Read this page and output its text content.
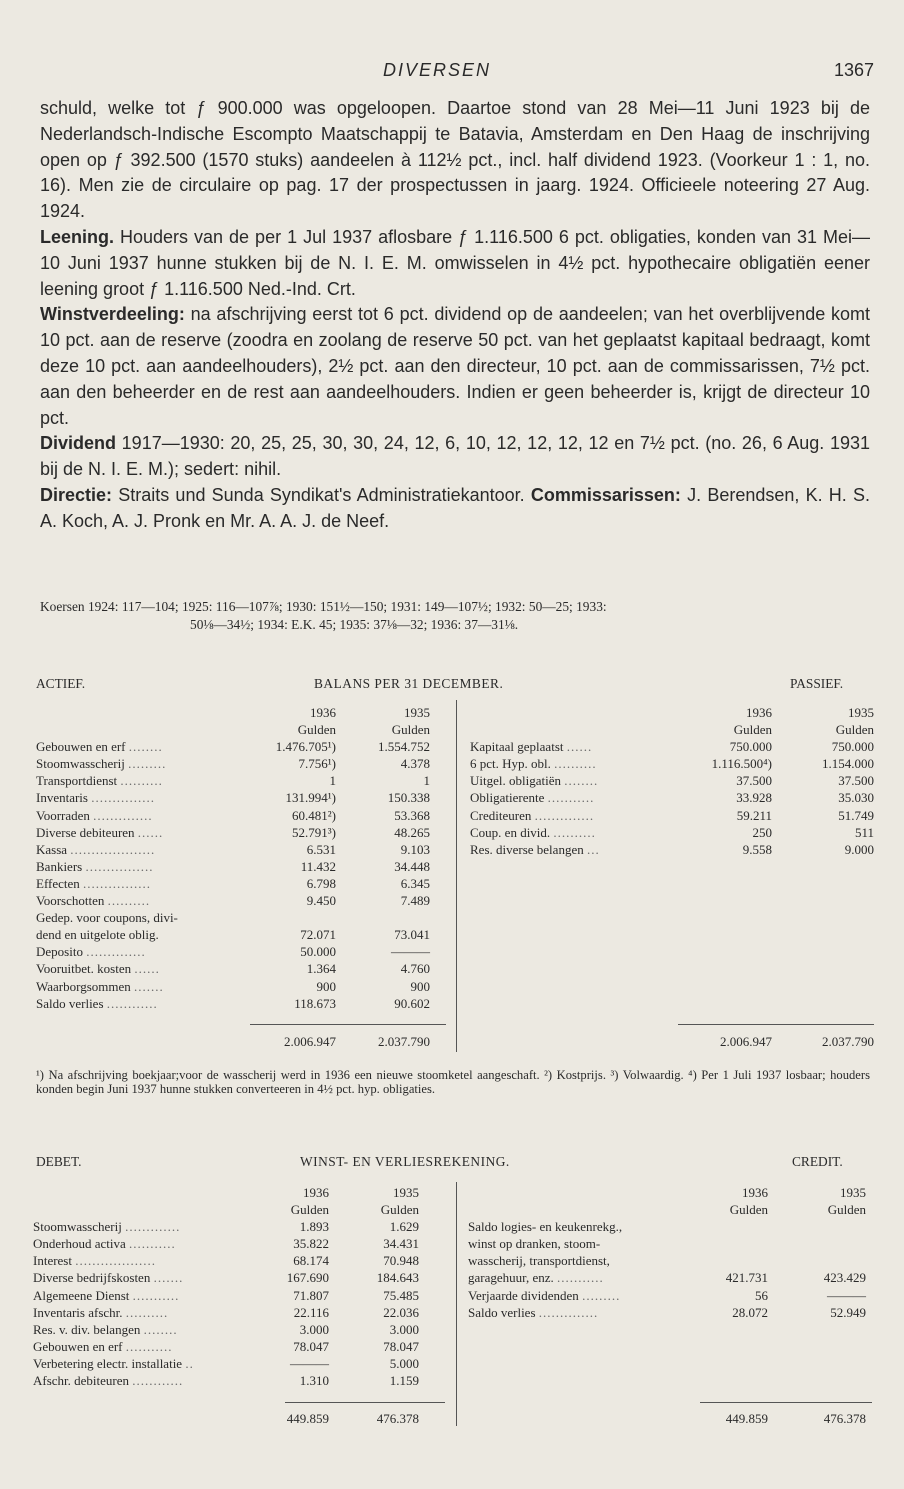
DIVERSEN	1367

schuld, welke tot ƒ 900.000 was opgeloopen. Daartoe stond van 28 Mei—11 Juni 1923 bij de Nederlandsch-Indische Escompto Maatschappij te Batavia, Amsterdam en Den Haag de inschrijving open op ƒ 392.500 (1570 stuks) aandeelen à 112½ pct., incl. half dividend 1923. (Voorkeur 1 : 1, no. 16). Men zie de circulaire op pag. 17 der prospectussen in jaarg. 1924. Officieele noteering 27 Aug. 1924.

Leening. Houders van de per 1 Jul 1937 aflosbare ƒ 1.116.500 6 pct. obligaties, konden van 31 Mei—10 Juni 1937 hunne stukken bij de N. I. E. M. omwisselen in 4½ pct. hypothecaire obligatiën eener leening groot ƒ 1.116.500 Ned.-Ind. Crt.

Winstverdeeling: na afschrijving eerst tot 6 pct. dividend op de aandeelen; van het overblijvende komt 10 pct. aan de reserve (zoodra en zoolang de reserve 50 pct. van het geplaatst kapitaal bedraagt, komt deze 10 pct. aan aandeelhouders), 2½ pct. aan den directeur, 10 pct. aan de commissarissen, 7½ pct. aan den beheerder en de rest aan aandeelhouders. Indien er geen beheerder is, krijgt de directeur 10 pct.

Dividend 1917—1930: 20, 25, 25, 30, 30, 24, 12, 6, 10, 12, 12, 12, 12 en 7½ pct. (no. 26, 6 Aug. 1931 bij de N. I. E. M.); sedert: nihil.

Directie: Straits und Sunda Syndikat's Administratiekantoor. Commissarissen: J. Berendsen, K. H. S. A. Koch, A. J. Pronk en Mr. A. A. J. de Neef.

Koersen 1924: 117—104; 1925: 116—107⅞; 1930: 151½—150; 1931: 149—107½; 1932: 50—25; 1933:
50⅛—34½; 1934: E.K. 45; 1935: 37⅛—32; 1936: 37—31⅛.
ACTIEF.	BALANS PER 31 DECEMBER.	PASSIEF.
1936	1935
Gulden	Gulden
Gebouwen en erf ........	1.476.705¹)	1.554.752
Stoomwasscherij .........	7.756¹)	4.378
Transportdienst ..........	1	1
Inventaris ...............	131.994¹)	150.338
Voorraden ..............	60.481²)	53.368
Diverse debiteuren ......	52.791³)	48.265
Kassa ....................	6.531	9.103
Bankiers ................	11.432	34.448
Effecten ................	6.798	6.345
Voorschotten ..........	9.450	7.489
Gedep. voor coupons, divi-
dend en uitgelote oblig.	72.071	73.041
Deposito ..............	50.000	———
Vooruitbet. kosten ......	1.364	4.760
Waarborgsommen .......	900	900
Saldo verlies ............	118.673	90.602
1936	1935
Gulden	Gulden
Kapitaal geplaatst ......	750.000	750.000
6 pct. Hyp. obl. ..........	1.116.500⁴)	1.154.000
Uitgel. obligatiën ........	37.500	37.500
Obligatierente ...........	33.928	35.030
Crediteuren ..............	59.211	51.749
Coup. en divid. ..........	250	511
Res. diverse belangen ...	9.558	9.000
2.006.947	2.037.790	2.006.947	2.037.790
¹) Na afschrijving boekjaar;voor de wasscherij werd in 1936 een nieuwe stoomketel aangeschaft. ²) Kostprijs. ³) Volwaardig. ⁴) Per 1 Juli 1937 losbaar; houders konden begin Juni 1937 hunne stukken converteeren in 4½ pct. hyp. obligaties.
DEBET.	WINST- EN VERLIESREKENING.	CREDIT.
1936	1935
Gulden	Gulden
Stoomwasscherij .............	1.893	1.629
Onderhoud activa ...........	35.822	34.431
Interest ...................	68.174	70.948
Diverse bedrijfskosten .......	167.690	184.643
Algemeene Dienst ...........	71.807	75.485
Inventaris afschr. ..........	22.116	22.036
Res. v. div. belangen ........	3.000	3.000
Gebouwen en erf ...........	78.047	78.047
Verbetering electr. installatie ..	———	5.000
Afschr. debiteuren ............	1.310	1.159
1936	1935
Gulden	Gulden
Saldo logies- en keukenrekg.,
winst op dranken, stoom-
wasscherij, transportdienst,
garagehuur, enz. ...........	421.731	423.429
Verjaarde dividenden .........	56	———
Saldo verlies ..............	28.072	52.949
449.859	476.378	449.859	476.378
